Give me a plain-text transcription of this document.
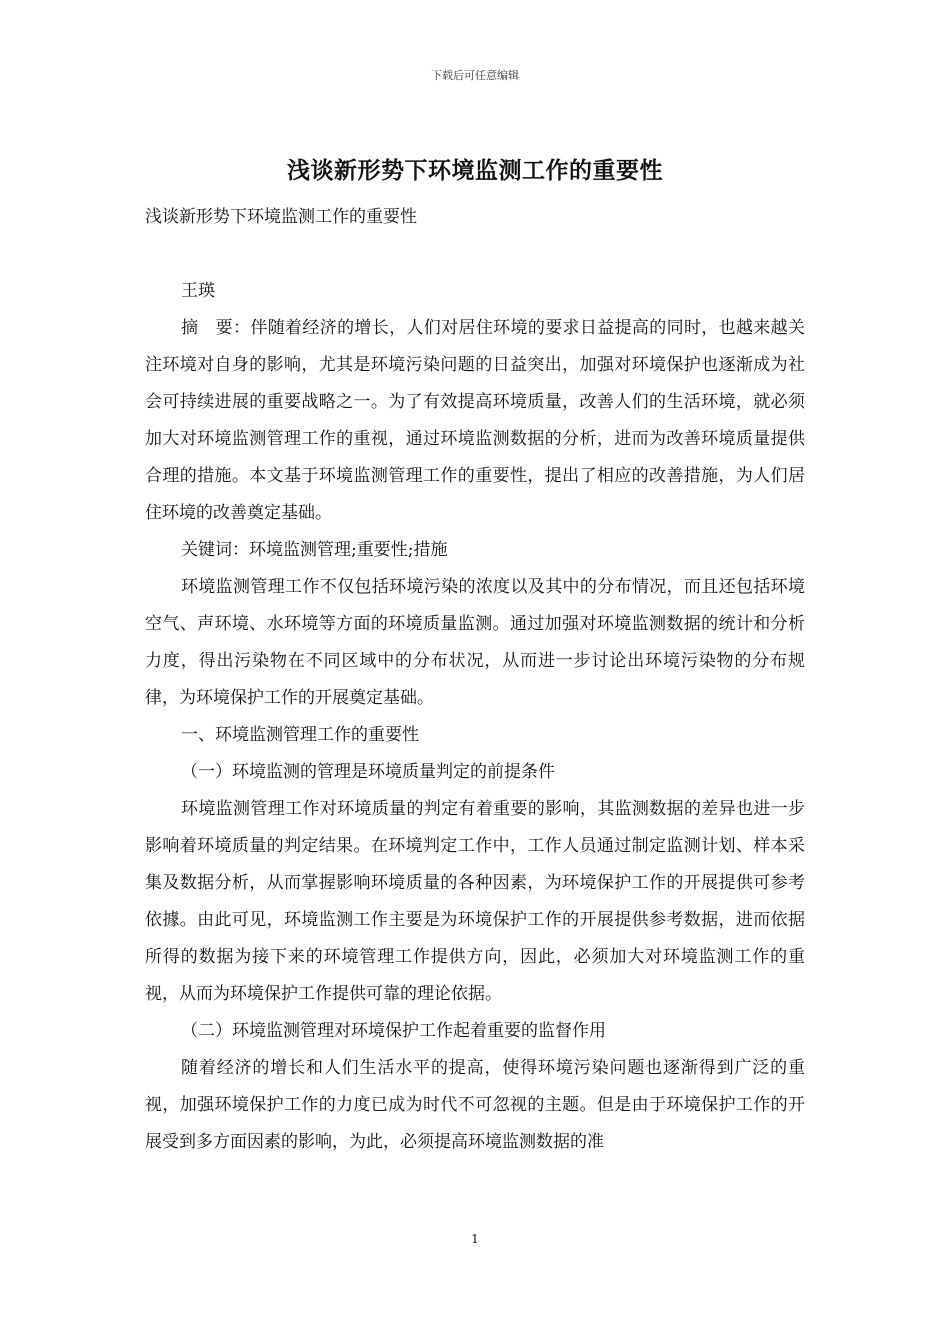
下载后可任意编辑
浅谈新形势下环境监测工作的重要性

浅谈新形势下环境监测工作的重要性

王瑛

摘　要：伴随着经济的增长，人们对居住环境的要求日益提高的同时，也越来越关注环境对自身的影响，尤其是环境污染问题的日益突出，加强对环境保护也逐渐成为社会可持续进展的重要战略之一。为了有效提高环境质量，改善人们的生活环境，就必须加大对环境监测管理工作的重视，通过环境监测数据的分析，进而为改善环境质量提供合理的措施。本文基于环境监测管理工作的重要性，提出了相应的改善措施，为人们居住环境的改善奠定基础。

关键词：环境监测管理;重要性;措施

环境监测管理工作不仅包括环境污染的浓度以及其中的分布情况，而且还包括环境空气、声环境、水环境等方面的环境质量监测。通过加强对环境监测数据的统计和分析力度，得出污染物在不同区域中的分布状况，从而进一步讨论出环境污染物的分布规律，为环境保护工作的开展奠定基础。

一、环境监测管理工作的重要性

（一）环境监测的管理是环境质量判定的前提条件

环境监测管理工作对环境质量的判定有着重要的影响，其监测数据的差异也进一步影响着环境质量的判定结果。在环境判定工作中，工作人员通过制定监测计划、样本采集及数据分析，从而掌握影响环境质量的各种因素，为环境保护工作的开展提供可参考依據。由此可见，环境监测工作主要是为环境保护工作的开展提供参考数据，进而依据所得的数据为接下来的环境管理工作提供方向，因此，必须加大对环境监测工作的重视，从而为环境保护工作提供可靠的理论依据。

（二）环境监测管理对环境保护工作起着重要的监督作用

随着经济的增长和人们生活水平的提高，使得环境污染问题也逐渐得到广泛的重视，加强环境保护工作的力度已成为时代不可忽视的主题。但是由于环境保护工作的开展受到多方面因素的影响，为此，必须提高环境监测数据的准

1
